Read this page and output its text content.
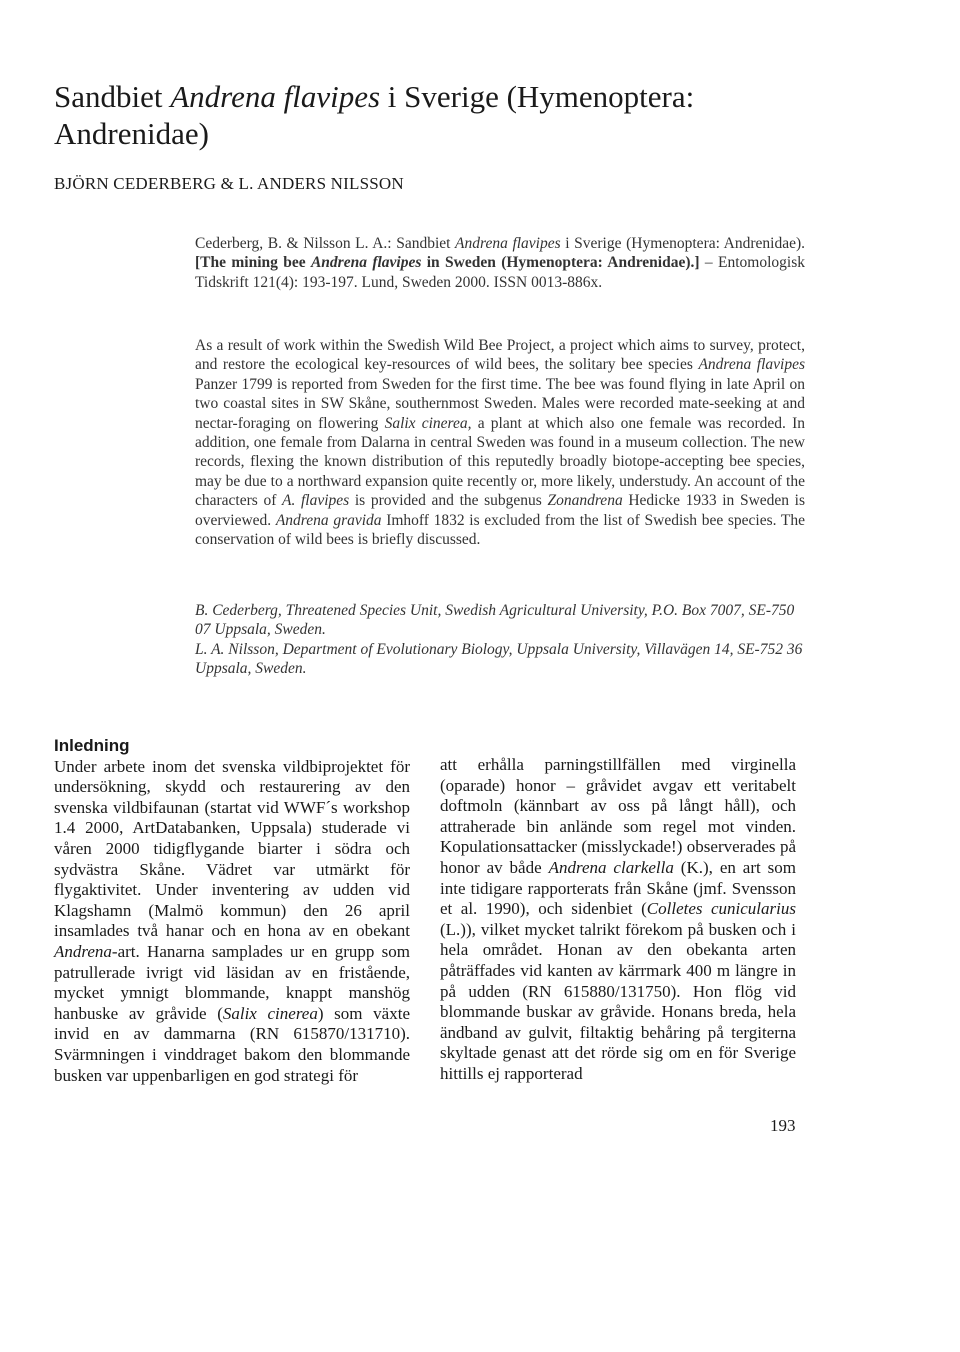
Sandbiet Andrena flavipes i Sverige (Hymenoptera: Andrenidae)
BJÖRN CEDERBERG & L. ANDERS NILSSON
Cederberg, B. & Nilsson L. A.: Sandbiet Andrena flavipes i Sverige (Hymenoptera: Andrenidae). [The mining bee Andrena flavipes in Sweden (Hymenoptera: Andrenidae).] – Entomologisk Tidskrift 121(4): 193-197. Lund, Sweden 2000. ISSN 0013-886x.
As a result of work within the Swedish Wild Bee Project, a project which aims to survey, protect, and restore the ecological key-resources of wild bees, the solitary bee species Andrena flavipes Panzer 1799 is reported from Sweden for the first time. The bee was found flying in late April on two coastal sites in SW Skåne, southernmost Sweden. Males were recorded mate-seeking at and nectar-foraging on flowering Salix cinerea, a plant at which also one female was recorded. In addition, one female from Dalarna in central Sweden was found in a museum collection. The new records, flexing the known distribution of this reputedly broadly biotope-accepting bee species, may be due to a northward expansion quite recently or, more likely, understudy. An account of the characters of A. flavipes is provided and the subgenus Zonandrena Hedicke 1933 in Sweden is overviewed. Andrena gravida Imhoff 1832 is excluded from the list of Swedish bee species. The conservation of wild bees is briefly discussed.

B. Cederberg, Threatened Species Unit, Swedish Agricultural University, P.O. Box 7007, SE-750 07 Uppsala, Sweden.

L. A. Nilsson, Department of Evolutionary Biology, Uppsala University, Villavägen 14, SE-752 36 Uppsala, Sweden.

Inledning

Under arbete inom det svenska vildbiprojektet för undersökning, skydd och restaurering av den svenska vildbifaunan (startat vid WWF´s workshop 1.4 2000, ArtDatabanken, Uppsala) studerade vi våren 2000 tidigflygande biarter i södra och sydvästra Skåne. Vädret var utmärkt för flygaktivitet. Under inventering av udden vid Klagshamn (Malmö kommun) den 26 april insamlades två hanar och en hona av en obekant Andrena-art. Hanarna samplades ur en grupp som patrullerade ivrigt vid läsidan av en fristående, mycket ymnigt blommande, knappt manshög hanbuske av gråvide (Salix cinerea) som växte invid en av dammarna (RN 615870/131710). Svärmningen i vinddraget bakom den blommande busken var uppenbarligen en god strategi för

att erhålla parningstillfällen med virginella (oparade) honor – gråvidet avgav ett veritabelt doftmoln (kännbart av oss på långt håll), och attraherade bin anlände som regel mot vinden. Kopulationsattacker (misslyckade!) observerades på honor av både Andrena clarkella (K.), en art som inte tidigare rapporterats från Skåne (jmf. Svensson et al. 1990), och sidenbiet (Colletes cunicularius (L.)), vilket mycket talrikt förekom på busken och i hela området. Honan av den obekanta arten påträffades vid kanten av kärrmark 400 m längre in på udden (RN 615880/131750). Hon flög vid blommande buskar av gråvide. Honans breda, hela ändband av gulvit, filtaktig behåring på tergiterna skyltade genast att det rörde sig om en för Sverige hittills ej rapporterad

193
